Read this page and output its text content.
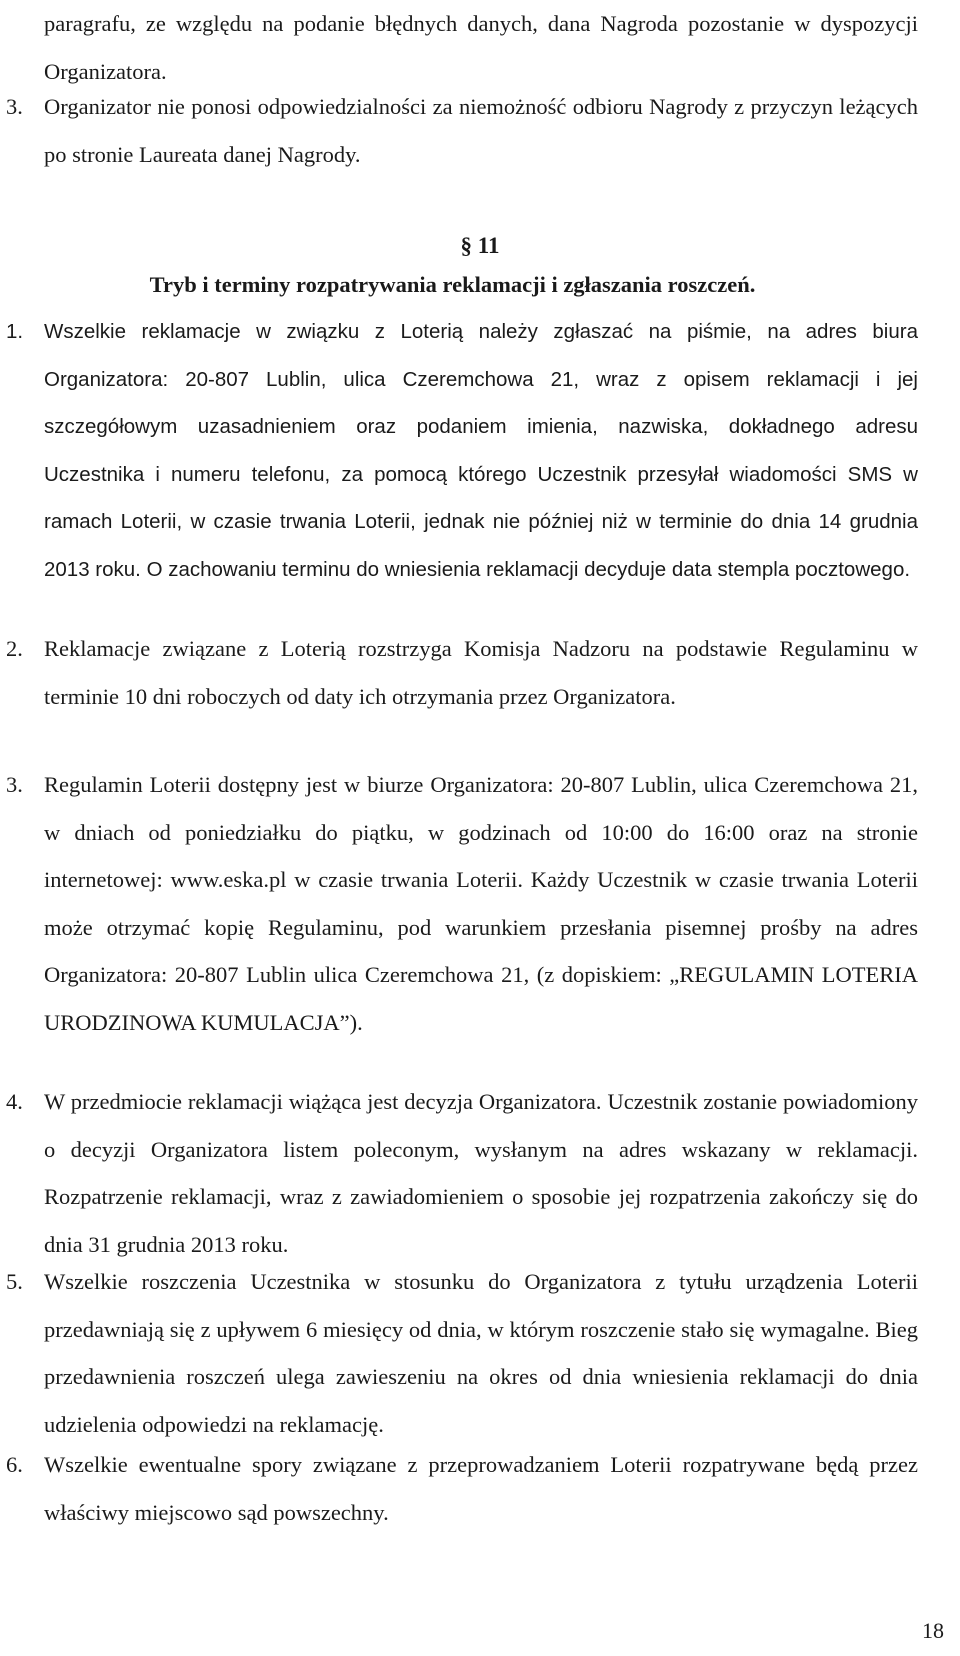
paragrafu, ze względu na podanie błędnych danych, dana Nagroda pozostanie w dyspozycji Organizatora.
3. Organizator nie ponosi odpowiedzialności za niemożność odbioru Nagrody z przyczyn leżących po stronie Laureata danej Nagrody.
§ 11
Tryb i terminy rozpatrywania reklamacji i zgłaszania roszczeń.
1. Wszelkie reklamacje w związku z Loterią należy zgłaszać na piśmie, na adres biura Organizatora: 20-807 Lublin, ulica Czeremchowa 21, wraz z opisem reklamacji i jej szczegółowym uzasadnieniem oraz podaniem imienia, nazwiska, dokładnego adresu Uczestnika i numeru telefonu, za pomocą którego Uczestnik przesyłał wiadomości SMS w ramach Loterii, w czasie trwania Loterii, jednak nie później niż w terminie do dnia 14 grudnia 2013 roku. O zachowaniu terminu do wniesienia reklamacji decyduje data stempla pocztowego.
2. Reklamacje związane z Loterią rozstrzyga Komisja Nadzoru na podstawie Regulaminu w terminie 10 dni roboczych od daty ich otrzymania przez Organizatora.
3. Regulamin Loterii dostępny jest w biurze Organizatora: 20-807 Lublin, ulica Czeremchowa 21, w dniach od poniedziałku do piątku, w godzinach od 10:00 do 16:00 oraz na stronie internetowej: www.eska.pl w czasie trwania Loterii. Każdy Uczestnik w czasie trwania Loterii może otrzymać kopię Regulaminu, pod warunkiem przesłania pisemnej prośby na adres Organizatora: 20-807 Lublin ulica Czeremchowa 21, (z dopiskiem: „REGULAMIN LOTERIA URODZINOWA KUMULACJA”).
4. W przedmiocie reklamacji wiążąca jest decyzja Organizatora. Uczestnik zostanie powiadomiony o decyzji Organizatora listem poleconym, wysłanym na adres wskazany w reklamacji. Rozpatrzenie reklamacji, wraz z zawiadomieniem o sposobie jej rozpatrzenia zakończy się do dnia 31 grudnia 2013 roku.
5. Wszelkie roszczenia Uczestnika w stosunku do Organizatora z tytułu urządzenia Loterii przedawniają się z upływem 6 miesięcy od dnia, w którym roszczenie stało się wymagalne. Bieg przedawnienia roszczeń ulega zawieszeniu na okres od dnia wniesienia reklamacji do dnia udzielenia odpowiedzi na reklamację.
6. Wszelkie ewentualne spory związane z przeprowadzaniem Loterii rozpatrywane będą przez właściwy miejscowo sąd powszechny.
18
